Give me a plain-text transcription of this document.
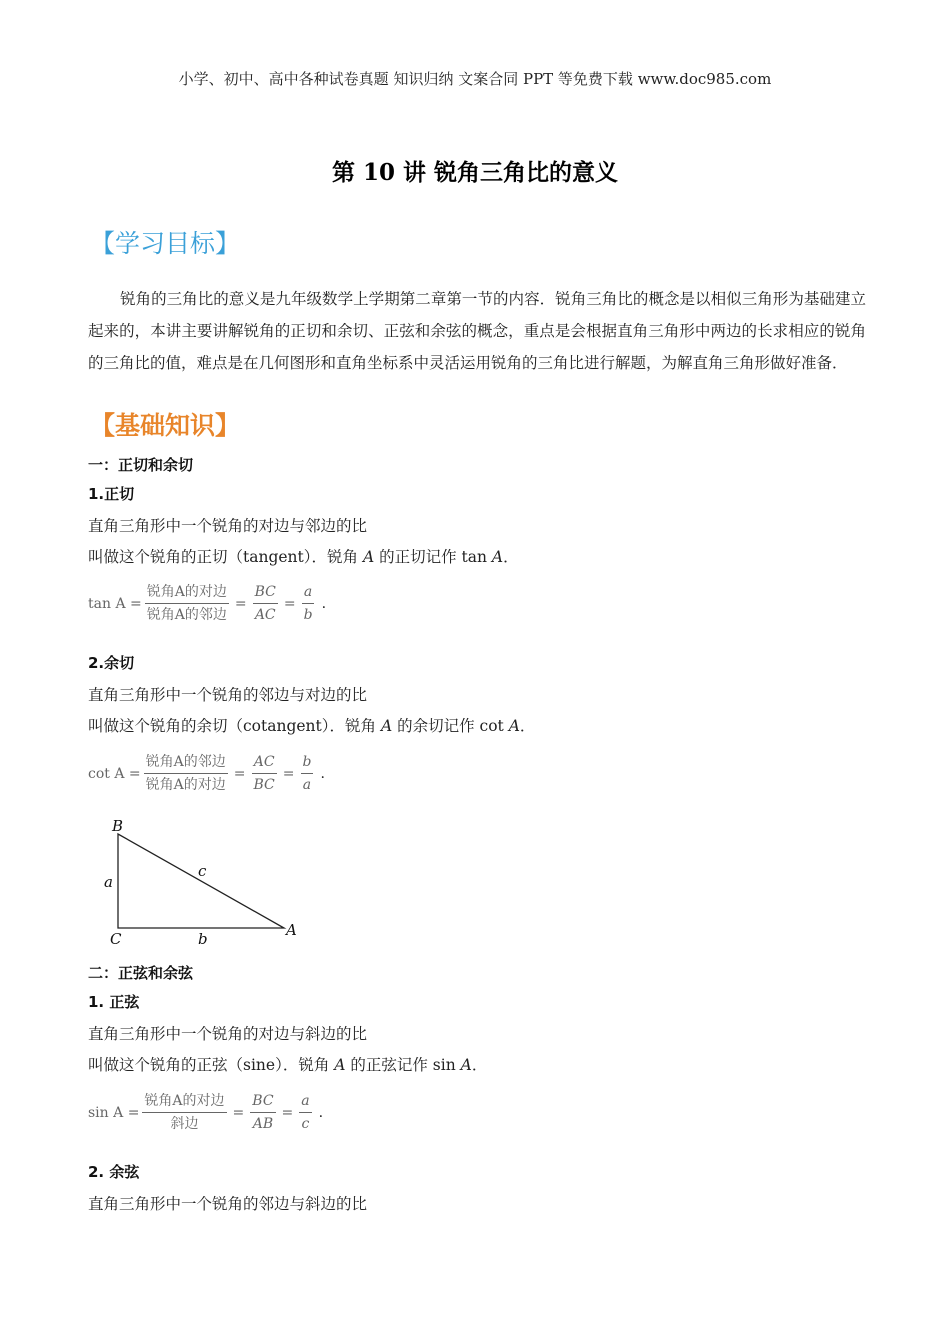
小学、初中、高中各种试卷真题 知识归纳 文案合同 PPT 等免费下载 www.doc985.com
第 10 讲 锐角三角比的意义
【学习目标】
锐角的三角比的意义是九年级数学上学期第二章第一节的内容．锐角三角比的概念是以相似三角形为基础建立起来的，本讲主要讲解锐角的正切和余切、正弦和余弦的概念，重点是会根据直角三角形中两边的长求相应的锐角的三角比的值，难点是在几何图形和直角坐标系中灵活运用锐角的三角比进行解题，为解直角三角形做好准备．
【基础知识】
一：正切和余切
1.正切
直角三角形中一个锐角的对边与邻边的比
叫做这个锐角的正切（tangent）．锐角 A 的正切记作 tan A．
$\tan A = \frac{\text{锐角A的对边}}{\text{锐角A的邻边}} = \frac{BC}{AC} = \frac{a}{b}$ .
2.余切
直角三角形中一个锐角的邻边与对边的比
叫做这个锐角的余切（cotangent）．锐角 A 的余切记作 cot A．
$\cot A = \frac{\text{锐角A的邻边}}{\text{锐角A的对边}} = \frac{AC}{BC} = \frac{b}{a}$ .
B
C	A
a
b
c
二：正弦和余弦
1. 正弦
直角三角形中一个锐角的对边与斜边的比
叫做这个锐角的正弦（sine）．锐角 A 的正弦记作 sin A．
$\sin A = \frac{\text{锐角A的对边}}{\text{斜边}} = \frac{BC}{AB} = \frac{a}{c}$ .
2. 余弦
直角三角形中一个锐角的邻边与斜边的比
